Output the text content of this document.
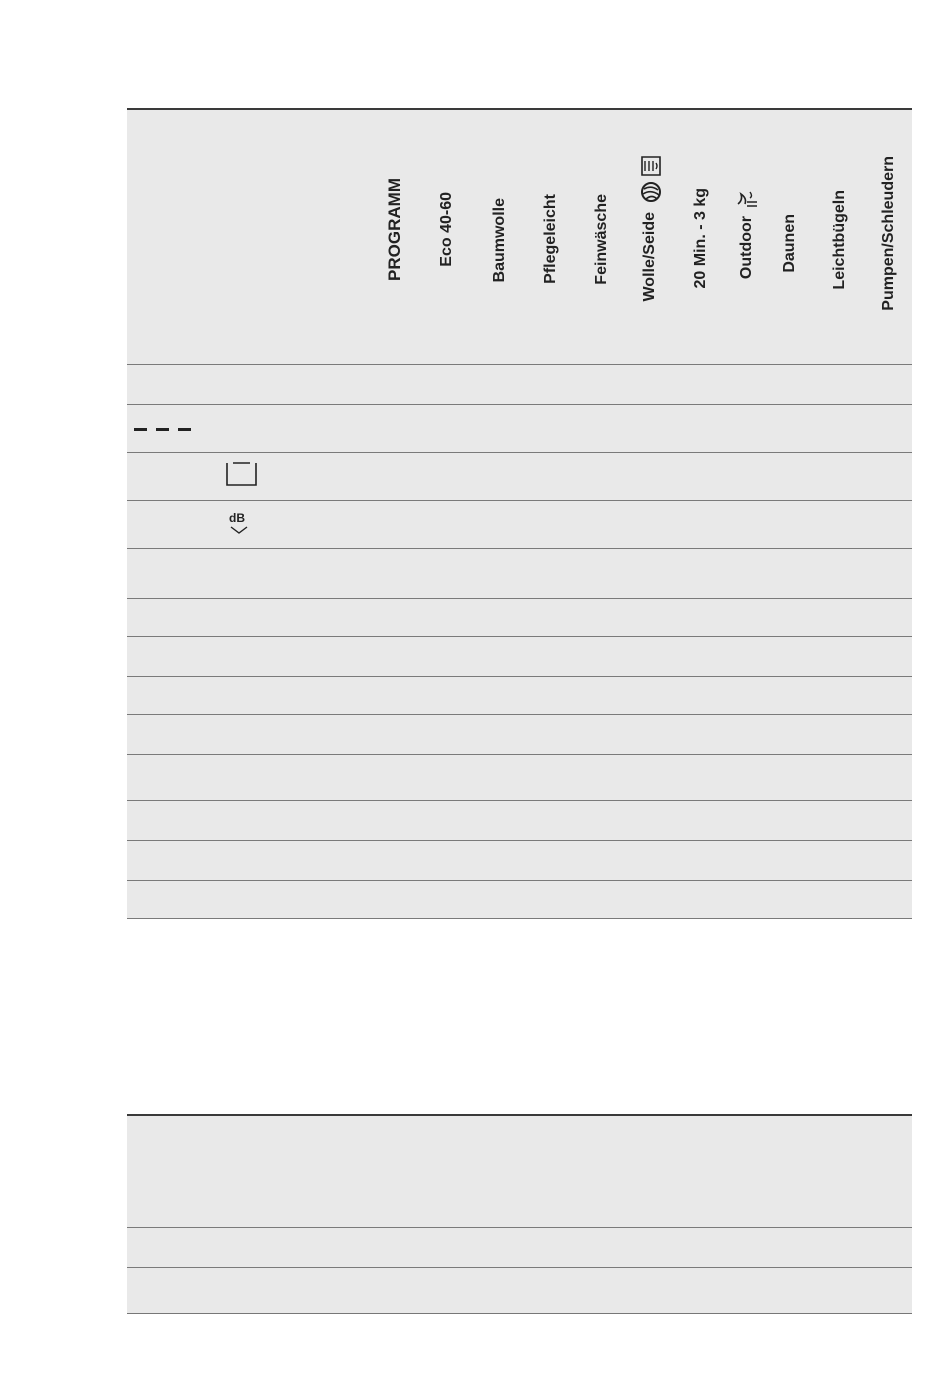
PROGRAMM Eco 40-60 Baumwolle Pflegeleicht Feinwäsche Wolle/Seide 20 Min. - 3 kg Outdoor Daunen Leichtbügeln Pumpen/Schleudern
dB
